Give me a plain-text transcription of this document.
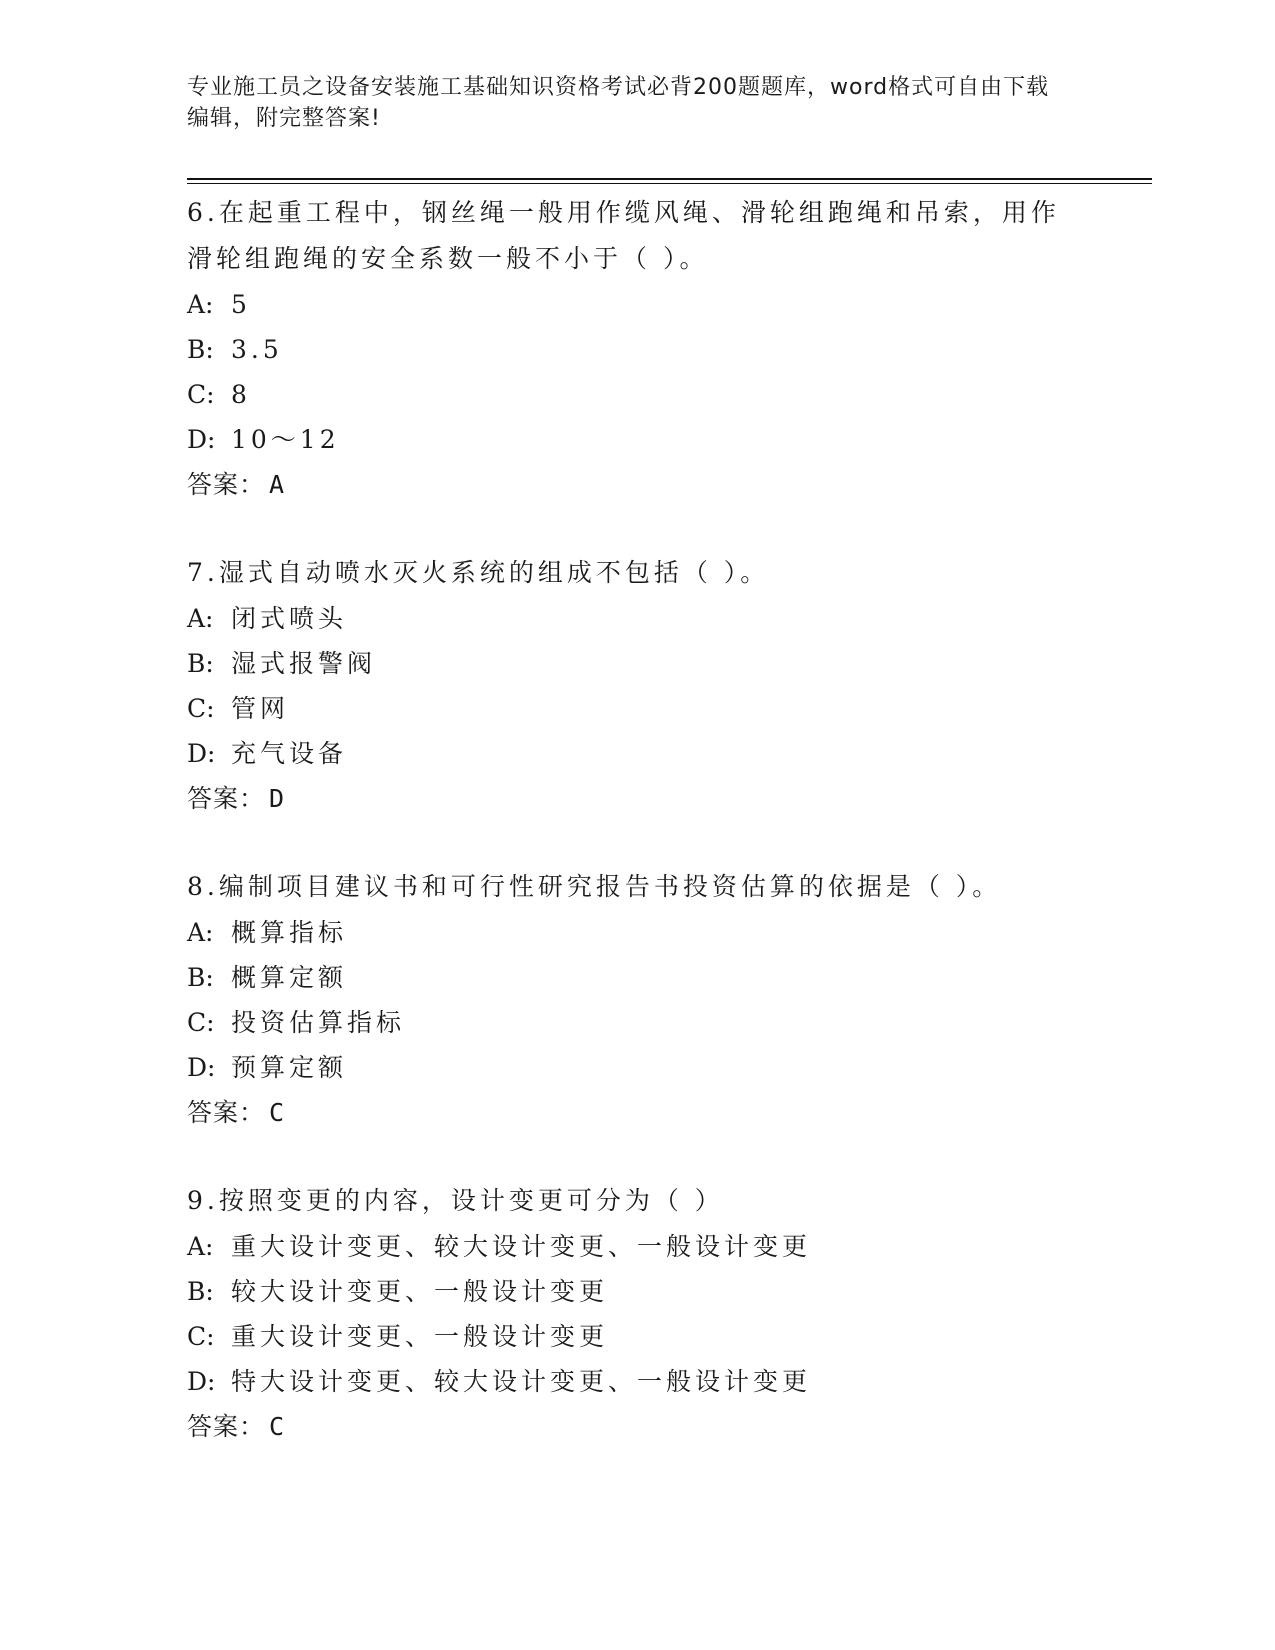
专业施工员之设备安装施工基础知识资格考试必背200题题库，word格式可自由下载编辑，附完整答案!

6.在起重工程中，钢丝绳一般用作缆风绳、滑轮组跑绳和吊索，用作滑轮组跑绳的安全系数一般不小于（ ）。

A: 5
B: 3.5
C: 8
D: 10～12
答案： A

7.湿式自动喷水灭火系统的组成不包括（ ）。

A: 闭式喷头
B: 湿式报警阀
C: 管网
D: 充气设备
答案： D

8.编制项目建议书和可行性研究报告书投资估算的依据是（ ）。

A: 概算指标
B: 概算定额
C: 投资估算指标
D: 预算定额
答案： C

9.按照变更的内容，设计变更可分为（ ）

A: 重大设计变更、较大设计变更、一般设计变更
B: 较大设计变更、一般设计变更
C: 重大设计变更、一般设计变更
D: 特大设计变更、较大设计变更、一般设计变更
答案： C
